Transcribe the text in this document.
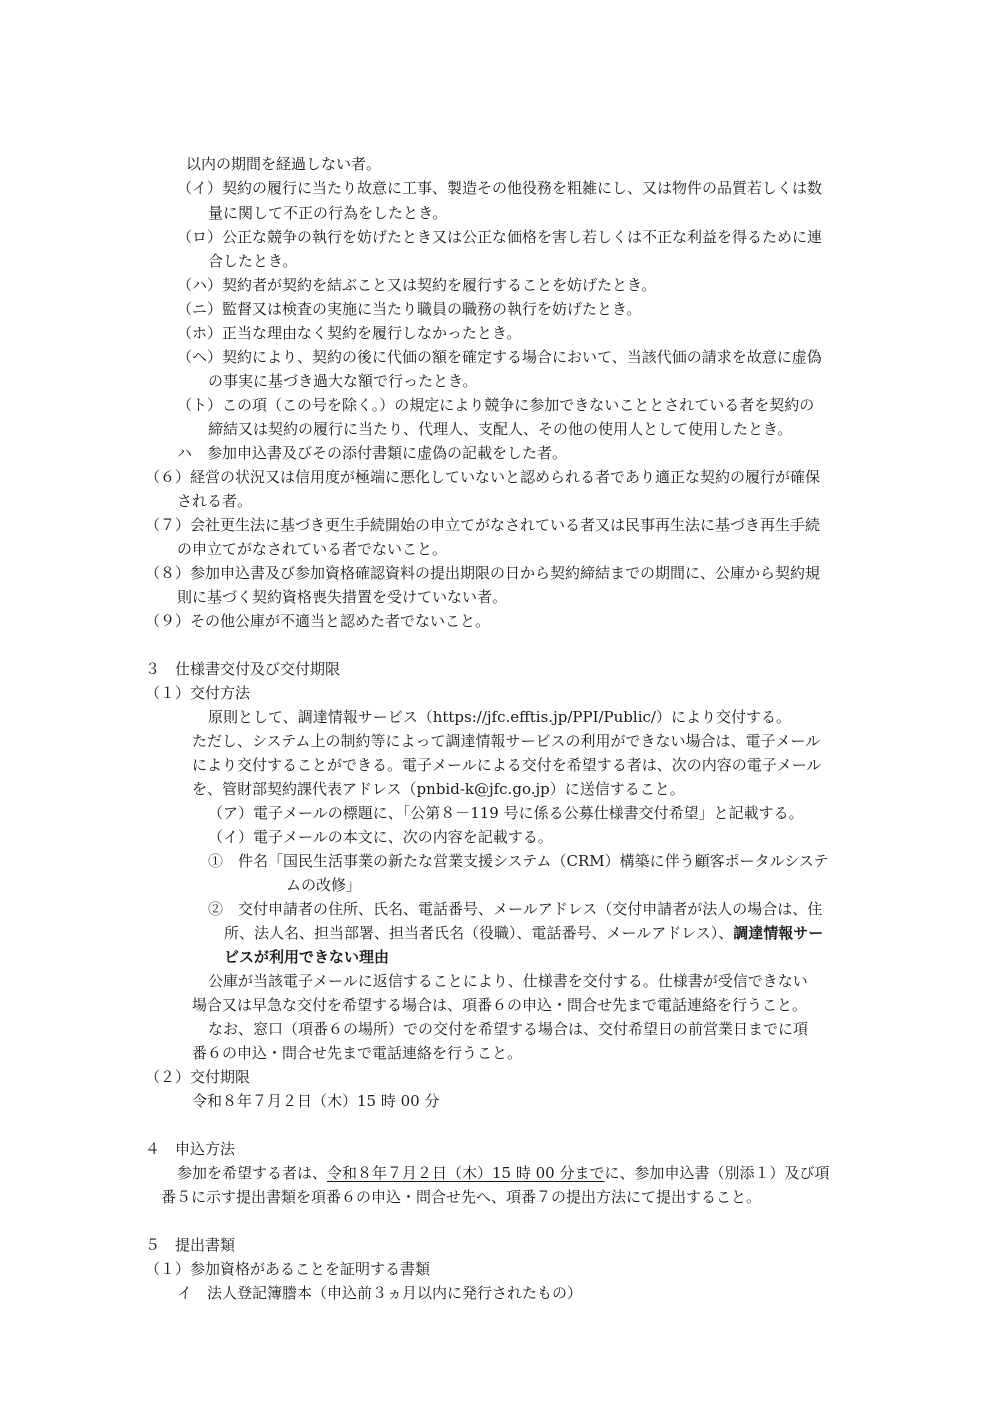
以内の期間を経過しない者。
（イ）契約の履行に当たり故意に工事、製造その他役務を粗雑にし、又は物件の品質若しくは数
量に関して不正の行為をしたとき。
（ロ）公正な競争の執行を妨げたとき又は公正な価格を害し若しくは不正な利益を得るために連
合したとき。
（ハ）契約者が契約を結ぶこと又は契約を履行することを妨げたとき。
（ニ）監督又は検査の実施に当たり職員の職務の執行を妨げたとき。
（ホ）正当な理由なく契約を履行しなかったとき。
（ヘ）契約により、契約の後に代価の額を確定する場合において、当該代価の請求を故意に虚偽
の事実に基づき過大な額で行ったとき。
（ト）この項（この号を除く。）の規定により競争に参加できないこととされている者を契約の
締結又は契約の履行に当たり、代理人、支配人、その他の使用人として使用したとき。
ハ　参加申込書及びその添付書類に虚偽の記載をした者。
（６）経営の状況又は信用度が極端に悪化していないと認められる者であり適正な契約の履行が確保
される者。
（７）会社更生法に基づき更生手続開始の申立てがなされている者又は民事再生法に基づき再生手続
の申立てがなされている者でないこと。
（８）参加申込書及び参加資格確認資料の提出期限の日から契約締結までの期間に、公庫から契約規
則に基づく契約資格喪失措置を受けていない者。
（９）その他公庫が不適当と認めた者でないこと。
３　仕様書交付及び交付期限
（１）交付方法
原則として、調達情報サービス（https://jfc.efftis.jp/PPI/Public/）により交付する。
ただし、システム上の制約等によって調達情報サービスの利用ができない場合は、電子メール
により交付することができる。電子メールによる交付を希望する者は、次の内容の電子メール
を、管財部契約課代表アドレス（pnbid-k@jfc.go.jp）に送信すること。
（ア）電子メールの標題に、「公第８－119 号に係る公募仕様書交付希望」と記載する。
（イ）電子メールの本文に、次の内容を記載する。
①　件名「国民生活事業の新たな営業支援システム（CRM）構築に伴う顧客ポータルシステ
ムの改修」
②　交付申請者の住所、氏名、電話番号、メールアドレス（交付申請者が法人の場合は、住
所、法人名、担当部署、担当者氏名（役職）、電話番号、メールアドレス）、調達情報サー
ビスが利用できない理由
公庫が当該電子メールに返信することにより、仕様書を交付する。仕様書が受信できない
場合又は早急な交付を希望する場合は、項番６の申込・問合せ先まで電話連絡を行うこと。
なお、窓口（項番６の場所）での交付を希望する場合は、交付希望日の前営業日までに項
番６の申込・問合せ先まで電話連絡を行うこと。
（２）交付期限
令和８年７月２日（木）15 時 00 分
４　申込方法
参加を希望する者は、令和８年７月２日（木）15 時 00 分までに、参加申込書（別添１）及び項
番５に示す提出書類を項番６の申込・問合せ先へ、項番７の提出方法にて提出すること。
５　提出書類
（１）参加資格があることを証明する書類
イ　法人登記簿謄本（申込前３ヵ月以内に発行されたもの）
